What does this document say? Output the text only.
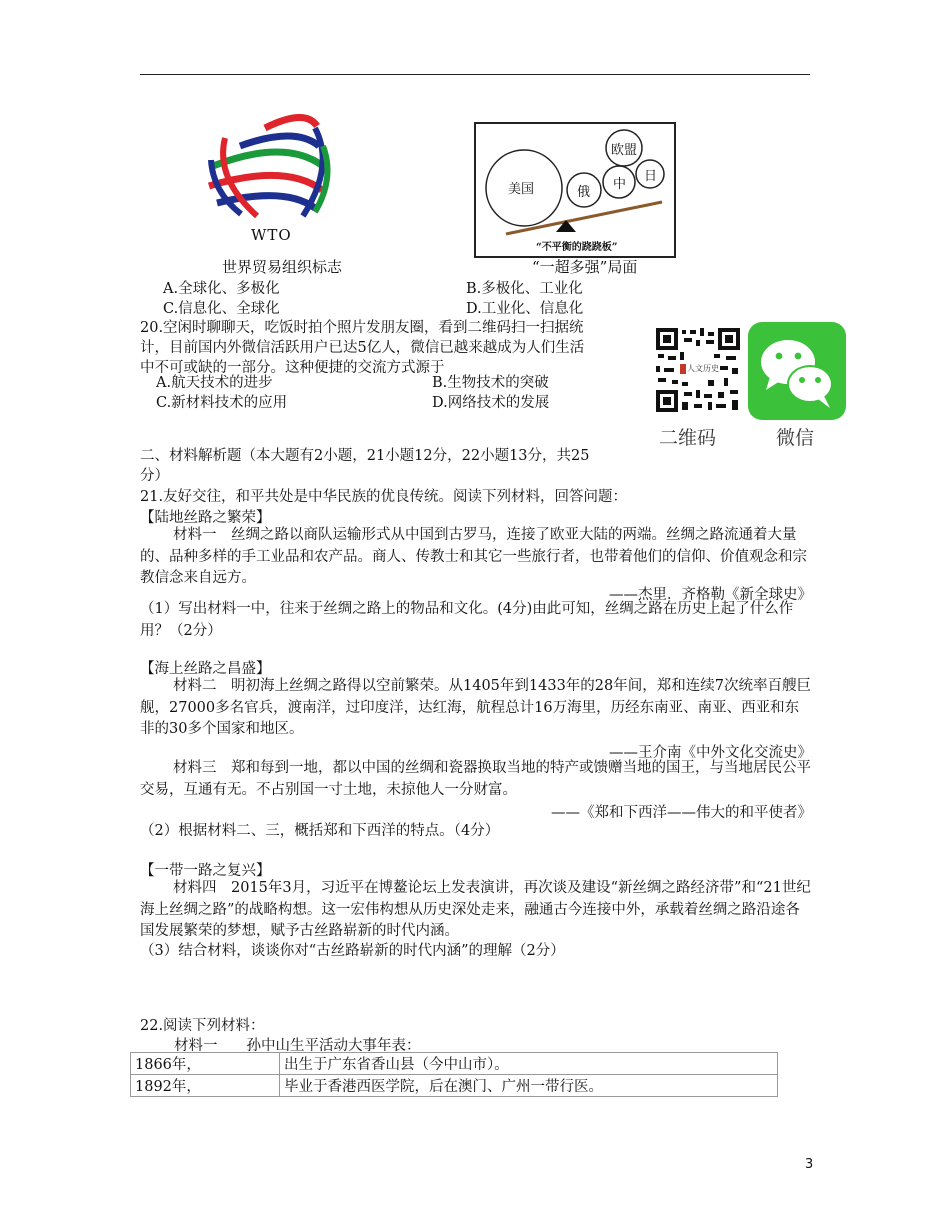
WTO
美国	俄
中
欧盟
日
“不平衡的跷跷板”
世界贸易组织标志	“一超多强”局面
A.全球化、多极化	B.多极化、工业化
C.信息化、全球化	D.工业化、信息化
20.空闲时聊聊天，吃饭时拍个照片发朋友圈，看到二维码扫一扫据统
计，目前国内外微信活跃用户已达5亿人，微信已越来越成为人们生活
中不可或缺的一部分。这种便捷的交流方式源于
A.航天技术的进步	B.生物技术的突破
C.新材料技术的应用	D.网络技术的发展
人文历史
二维码	微信
二、材料解析题（本大题有2小题，21小题12分，22小题13分，共25
分）
21.友好交往，和平共处是中华民族的优良传统。阅读下列材料，回答问题：
【陆地丝路之繁荣】
材料一　丝绸之路以商队运输形式从中国到古罗马，连接了欧亚大陆的两端。丝绸之路流通着大量的、品种多样的手工业品和农产品。商人、传教士和其它一些旅行者，也带着他们的信仰、价值观念和宗教信念来自远方。
——杰里．齐格勒《新全球史》
（1）写出材料一中，往来于丝绸之路上的物品和文化。(4分)由此可知，丝绸之路在历史上起了什么作用？（2分）
【海上丝路之昌盛】
材料二　明初海上丝绸之路得以空前繁荣。从1405年到1433年的28年间，郑和连续7次统率百艘巨舰，27000多名官兵，渡南洋，过印度洋，达红海，航程总计16万海里，历经东南亚、南亚、西亚和东非的30多个国家和地区。
——王介南《中外文化交流史》
材料三　郑和每到一地，都以中国的丝绸和瓷器换取当地的特产或馈赠当地的国王，与当地居民公平交易，互通有无。不占别国一寸土地，未掠他人一分财富。
——《郑和下西洋——伟大的和平使者》
（2）根据材料二、三，概括郑和下西洋的特点。（4分）
【一带一路之复兴】
材料四　2015年3月，习近平在博鳌论坛上发表演讲，再次谈及建设“新丝绸之路经济带”和“21世纪海上丝绸之路”的战略构想。这一宏伟构想从历史深处走来，融通古今连接中外，承载着丝绸之路沿途各国发展繁荣的梦想，赋予古丝路崭新的时代内涵。
（3）结合材料，谈谈你对“古丝路崭新的时代内涵”的理解（2分）
22.阅读下列材料：
材料一　　孙中山生平活动大事年表：
1866年，	出生于广东省香山县（今中山市）。
1892年，	毕业于香港西医学院，后在澳门、广州一带行医。
3
